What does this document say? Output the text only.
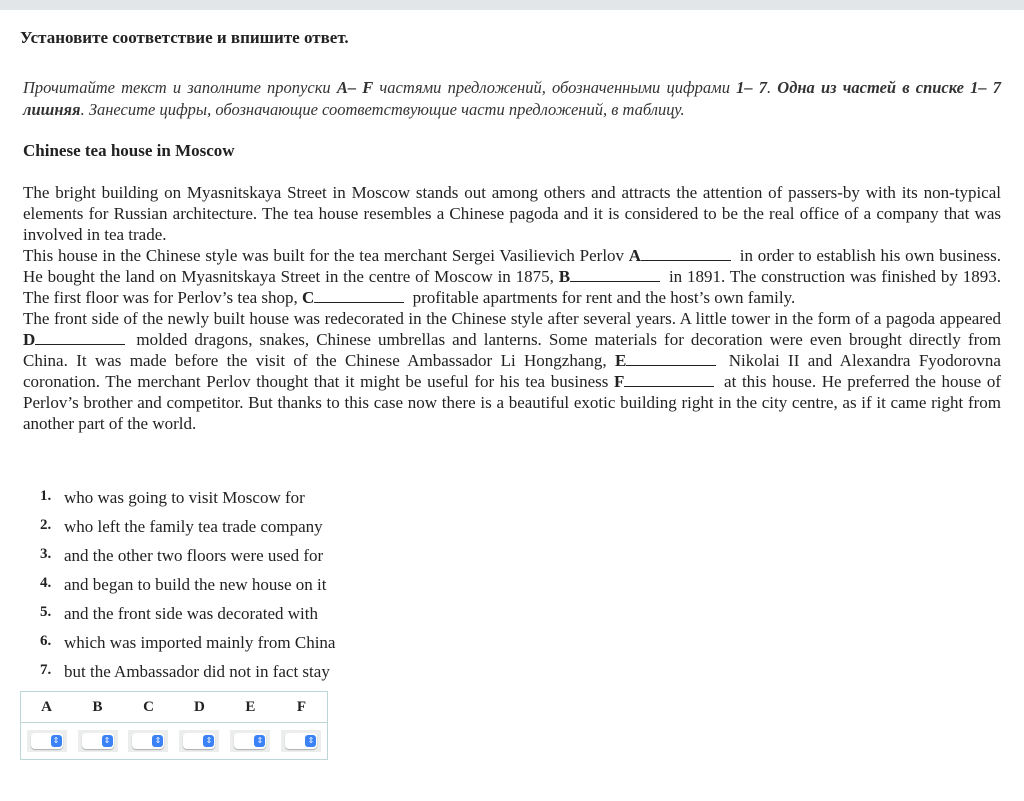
Установите соответствие и впишите ответ.

Прочитайте текст и заполните пропуски A– F частями предложений, обозначенными цифрами 1– 7. Одна из частей в списке 1– 7 лишняя. Занесите цифры, обозначающие соответствующие части предложений, в таблицу.

Chinese tea house in Moscow

The bright building on Myasnitskaya Street in Moscow stands out among others and attracts the attention of passers-by with its non-typical elements for Russian architecture. The tea house resembles a Chinese pagoda and it is considered to be the real office of a company that was involved in tea trade.

This house in the Chinese style was built for the tea merchant Sergei Vasilievich Perlov A	in order to establish his own business. He bought the land on Myasnitskaya Street in the centre of Moscow in 1875, B	in 1891. The construction was finished by 1893. The first floor was for Perlov’s tea shop, C	profitable apartments for rent and the host’s own family.

The front side of the newly built house was redecorated in the Chinese style after several years. A little tower in the form of a pagoda appeared D	molded dragons, snakes, Chinese umbrellas and lanterns. Some materials for decoration were even brought directly from China. It was made before the visit of the Chinese Ambassador Li Hongzhang, E	Nikolai II and Alexandra Fyodorovna coronation. The merchant Perlov thought that it might be useful for his tea business F	at this house. He preferred the house of Perlov’s brother and competitor. But thanks to this case now there is a beautiful exotic building right in the city centre, as if it came right from another part of the world.

1. who was going to visit Moscow for
2. who left the family tea trade company
3. and the other two floors were used for
4. and began to build the new house on it
5. and the front side was decorated with
6. which was imported mainly from China
7. but the Ambassador did not in fact stay
A	B	C	D	E	F

⇕	⇕	⇕	⇕	⇕	⇕
